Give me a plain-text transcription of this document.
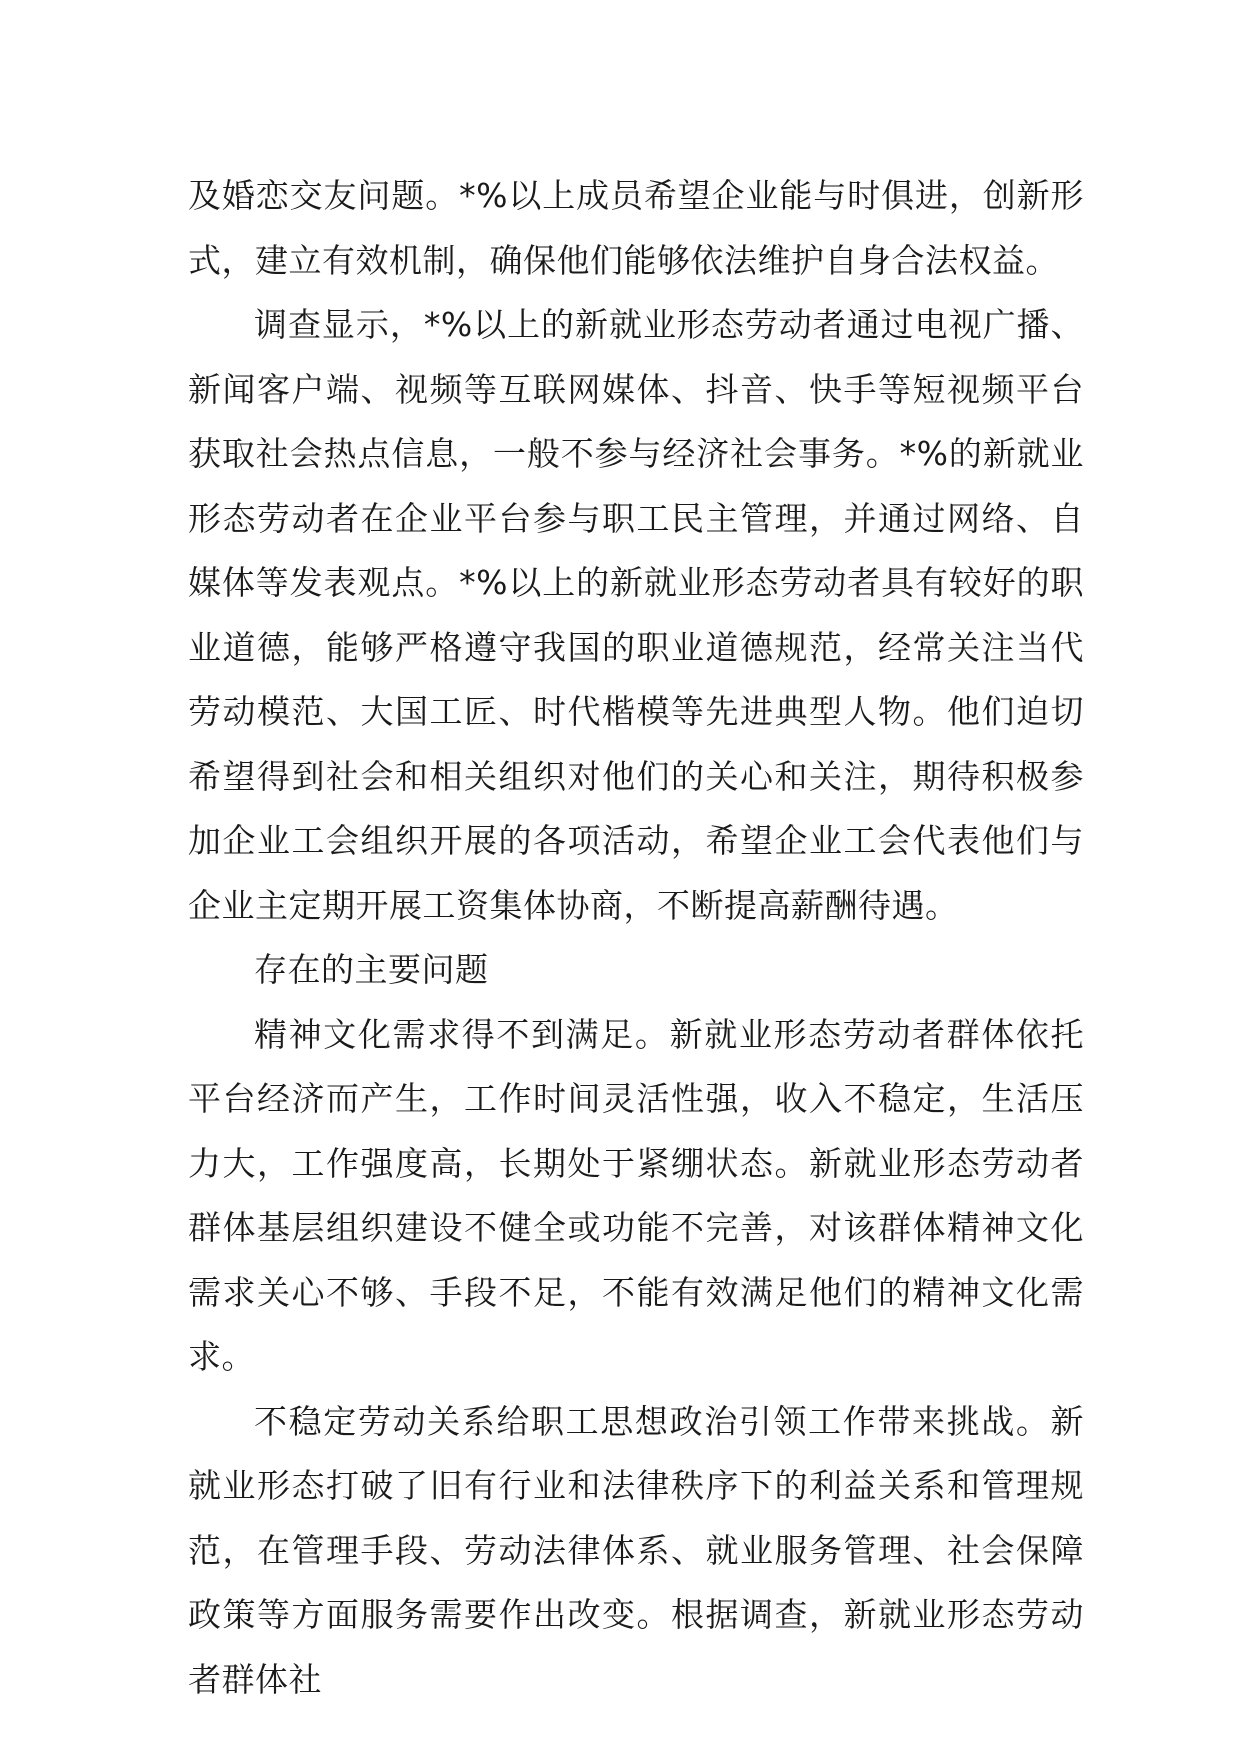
及婚恋交友问题。*%以上成员希望企业能与时俱进，创新形式，建立有效机制，确保他们能够依法维护自身合法权益。

调查显示，*%以上的新就业形态劳动者通过电视广播、新闻客户端、视频等互联网媒体、抖音、快手等短视频平台获取社会热点信息，一般不参与经济社会事务。*%的新就业形态劳动者在企业平台参与职工民主管理，并通过网络、自媒体等发表观点。*%以上的新就业形态劳动者具有较好的职业道德，能够严格遵守我国的职业道德规范，经常关注当代劳动模范、大国工匠、时代楷模等先进典型人物。他们迫切希望得到社会和相关组织对他们的关心和关注，期待积极参加企业工会组织开展的各项活动，希望企业工会代表他们与企业主定期开展工资集体协商，不断提高薪酬待遇。

存在的主要问题

精神文化需求得不到满足。新就业形态劳动者群体依托平台经济而产生，工作时间灵活性强，收入不稳定，生活压力大，工作强度高，长期处于紧绷状态。新就业形态劳动者群体基层组织建设不健全或功能不完善，对该群体精神文化需求关心不够、手段不足，不能有效满足他们的精神文化需求。

不稳定劳动关系给职工思想政治引领工作带来挑战。新就业形态打破了旧有行业和法律秩序下的利益关系和管理规范，在管理手段、劳动法律体系、就业服务管理、社会保障政策等方面服务需要作出改变。根据调查，新就业形态劳动者群体社
